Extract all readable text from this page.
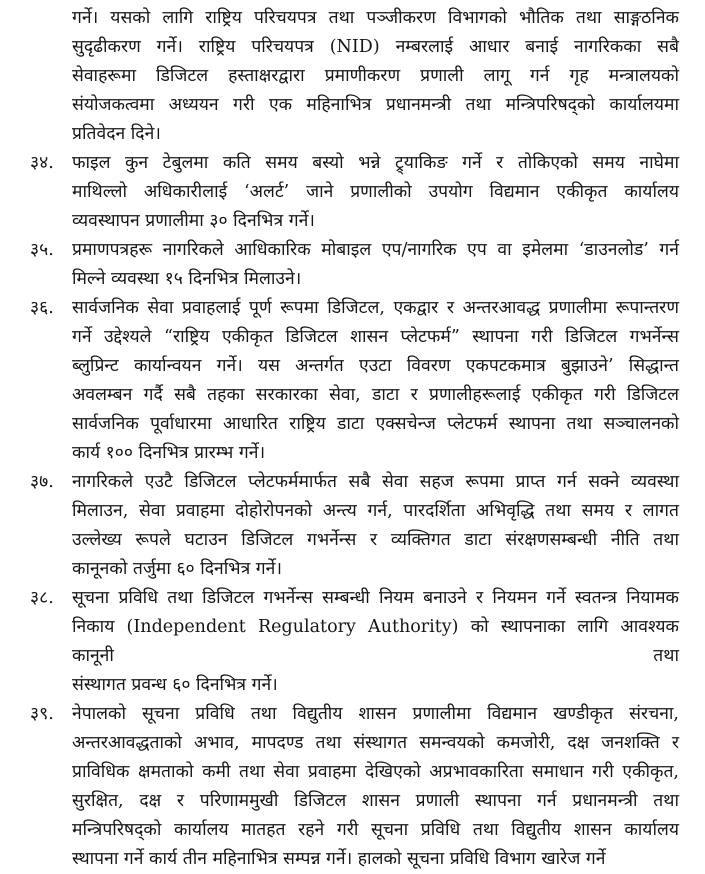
गर्ने। यसको लागि राष्ट्रिय परिचयपत्र तथा पञ्जीकरण विभागको भौतिक तथा साङ्गठनिक
सुदृढीकरण गर्ने। राष्ट्रिय परिचयपत्र (NID) नम्बरलाई आधार बनाई नागरिकका सबै
सेवाहरूमा डिजिटल हस्ताक्षरद्वारा प्रमाणीकरण प्रणाली लागू गर्न गृह मन्त्रालयको
संयोजकत्वमा अध्ययन गरी एक महिनाभित्र प्रधानमन्त्री तथा मन्त्रिपरिषद्को कार्यालयमा
प्रतिवेदन दिने।
३४.	फाइल कुन टेबुलमा कति समय बस्यो भन्ने ट्र्याकिङ गर्ने र तोकिएको समय नाघेमा
माथिल्लो अधिकारीलाई ‘अलर्ट’ जाने प्रणालीको उपयोग विद्यमान एकीकृत कार्यालय
व्यवस्थापन प्रणालीमा ३० दिनभित्र गर्ने।
३५.	प्रमाणपत्रहरू नागरिकले आधिकारिक मोबाइल एप/नागरिक एप वा इमेलमा ‘डाउनलोड’ गर्न
मिल्ने व्यवस्था १५ दिनभित्र मिलाउने।
३६.	सार्वजनिक सेवा प्रवाहलाई पूर्ण रूपमा डिजिटल, एकद्वार र अन्तरआवद्ध प्रणालीमा रूपान्तरण
गर्ने उद्देश्यले “राष्ट्रिय एकीकृत डिजिटल शासन प्लेटफर्म” स्थापना गरी डिजिटल गभर्नेन्स
ब्लुप्रिन्ट कार्यान्वयन गर्ने। यस अन्तर्गत एउटा विवरण एकपटकमात्र बुझाउने’ सिद्धान्त
अवलम्बन गर्दै सबै तहका सरकारका सेवा, डाटा र प्रणालीहरूलाई एकीकृत गरी डिजिटल
सार्वजनिक पूर्वाधारमा आधारित राष्ट्रिय डाटा एक्सचेन्ज प्लेटफर्म स्थापना तथा सञ्चालनको
कार्य १०० दिनभित्र प्रारम्भ गर्ने।
३७.	नागरिकले एउटै डिजिटल प्लेटफर्ममार्फत सबै सेवा सहज रूपमा प्राप्त गर्न सक्ने व्यवस्था
मिलाउन, सेवा प्रवाहमा दोहोरोपनको अन्त्य गर्न, पारदर्शिता अभिवृद्धि तथा समय र लागत
उल्लेख्य रूपले घटाउन डिजिटल गभर्नेन्स र व्यक्तिगत डाटा संरक्षणसम्बन्धी नीति तथा
कानूनको तर्जुमा ६० दिनभित्र गर्ने।
३८.	सूचना प्रविधि तथा डिजिटल गभर्नेन्स सम्बन्धी नियम बनाउने र नियमन गर्ने स्वतन्त्र नियामक
निकाय (Independent Regulatory Authority) को स्थापनाका लागि आवश्यक कानूनी तथा
संस्थागत प्रवन्ध ६० दिनभित्र गर्ने।
३९.	नेपालको सूचना प्रविधि तथा विद्युतीय शासन प्रणालीमा विद्यमान खण्डीकृत संरचना,
अन्तरआवद्धताको अभाव, मापदण्ड तथा संस्थागत समन्वयको कमजोरी, दक्ष जनशक्ति र
प्राविधिक क्षमताको कमी तथा सेवा प्रवाहमा देखिएको अप्रभावकारिता समाधान गरी एकीकृत,
सुरक्षित, दक्ष र परिणाममुखी डिजिटल शासन प्रणाली स्थापना गर्न प्रधानमन्त्री तथा
मन्त्रिपरिषद्को कार्यालय मातहत रहने गरी सूचना प्रविधि तथा विद्युतीय शासन कार्यालय
स्थापना गर्ने कार्य तीन महिनाभित्र सम्पन्न गर्ने। हालको सूचना प्रविधि विभाग खारेज गर्ने
